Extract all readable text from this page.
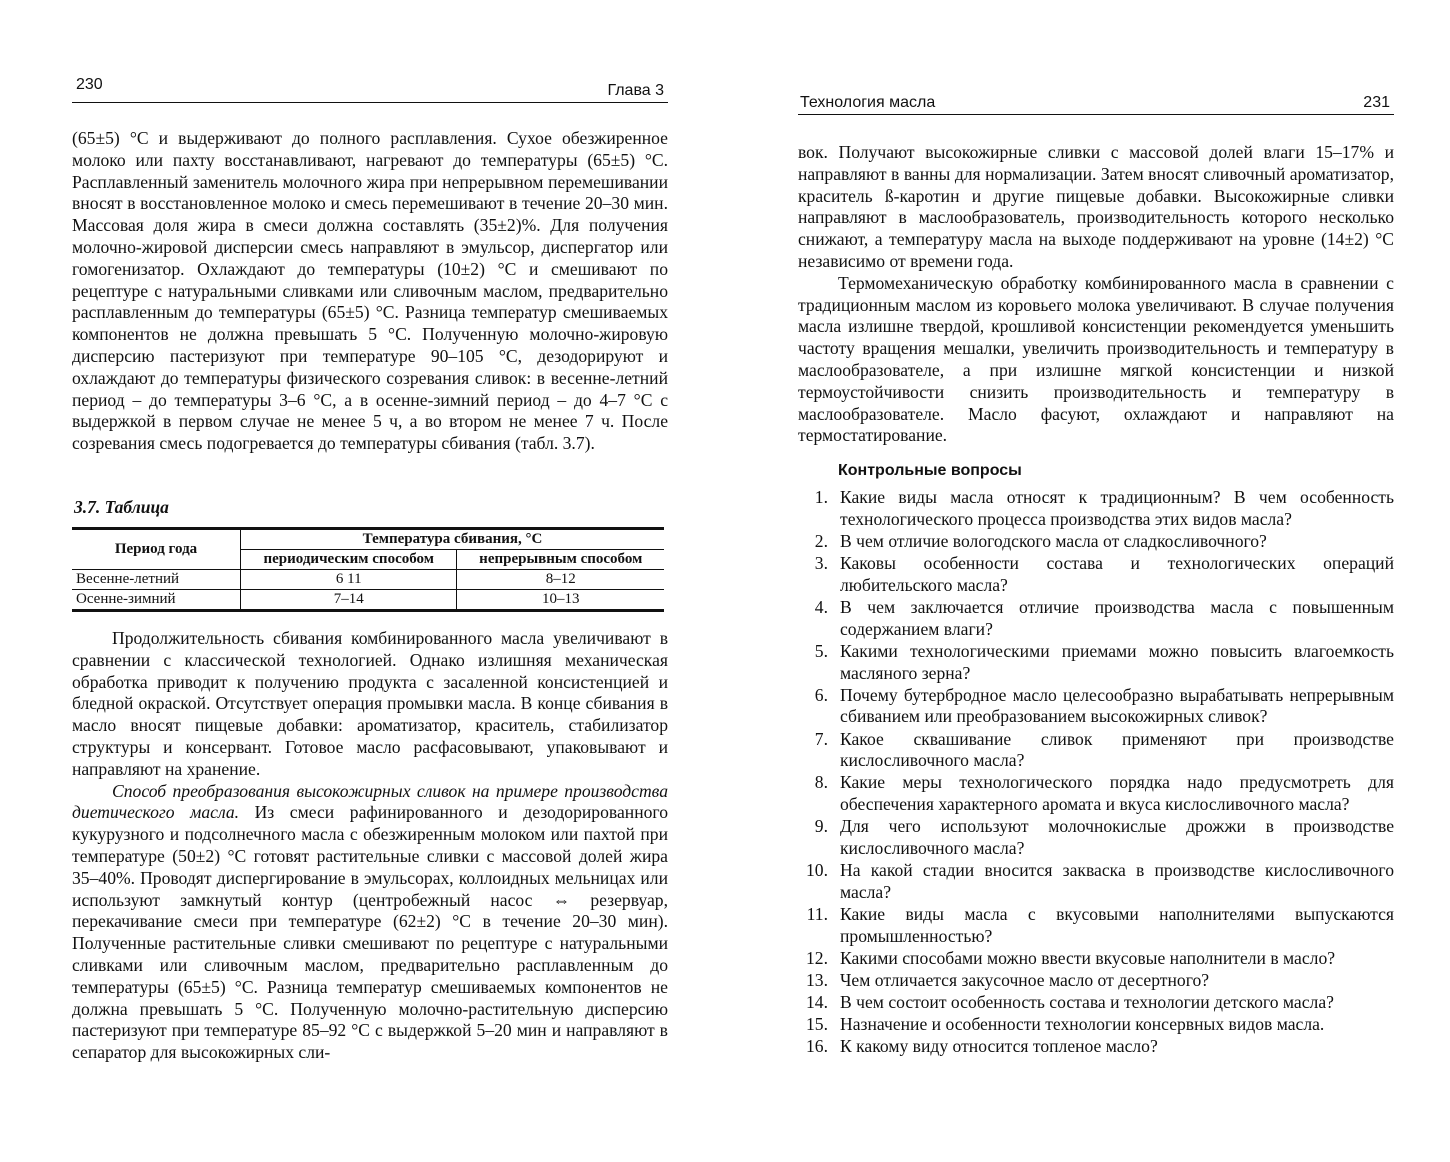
230	Глава 3

(65±5) °С и выдерживают до полного расплавления. Сухое обезжиренное молоко или пахту восстанавливают, нагревают до температуры (65±5) °С. Расплавленный заменитель молочного жира при непрерывном перемешивании вносят в восстановленное молоко и смесь перемешивают в течение 20–30 мин. Массовая доля жира в смеси должна составлять (35±2)%. Для получения молочно-жировой дисперсии смесь направляют в эмульсор, диспергатор или гомогенизатор. Охлаждают до температуры (10±2) °С и смешивают по рецептуре с натуральными сливками или сливочным маслом, предварительно расплавленным до температуры (65±5) °С. Разница температур смешиваемых компонентов не должна превышать 5 °С. Полученную молочно-жировую дисперсию пастеризуют при температуре 90–105 °С, дезодорируют и охлаждают до температуры физического созревания сливок: в весенне-летний период – до температуры 3–6 °С, а в осенне-зимний период – до 4–7 °С с выдержкой в первом случае не менее 5 ч, а во втором не менее 7 ч. После созревания смесь подогревается до температуры сбивания (табл. 3.7).

3.7. Таблица
Период года	Температура сбивания, °С	
	периодическим способом	непрерывным способом
Весенне-летний	6 11	8–12
Осенне-зимний	7–14	10–13

Продолжительность сбивания комбинированного масла увеличивают в сравнении с классической технологией. Однако излишняя механическая обработка приводит к получению продукта с засаленной консистенцией и бледной окраской. Отсутствует операция промывки масла. В конце сбивания в масло вносят пищевые добавки: ароматизатор, краситель, стабилизатор структуры и консервант. Готовое масло расфасовывают, упаковывают и направляют на хранение.

Способ преобразования высокожирных сливок на примере производства диетического масла. Из смеси рафинированного и дезодорированного кукурузного и подсолнечного масла с обезжиренным молоком или пахтой при температуре (50±2) °С готовят растительные сливки с массовой долей жира 35–40%. Проводят диспергирование в эмульсорах, коллоидных мельницах или используют замкнутый контур (центробежный насос ⇔ резервуар, перекачивание смеси при температуре (62±2) °С в течение 20–30 мин). Полученные растительные сливки смешивают по рецептуре с натуральными сливками или сливочным маслом, предварительно расплавленным до температуры (65±5) °С. Разница температур смешиваемых компонентов не должна превышать 5 °С. Полученную молочно-растительную дисперсию пастеризуют при температуре 85–92 °С с выдержкой 5–20 мин и направляют в сепаратор для высокожирных сли-

Технология масла	231

вок. Получают высокожирные сливки с массовой долей влаги 15–17% и направляют в ванны для нормализации. Затем вносят сливочный ароматизатор, краситель ß-каротин и другие пищевые добавки. Высокожирные сливки направляют в маслообразователь, производительность которого несколько снижают, а температуру масла на выходе поддерживают на уровне (14±2) °С независимо от времени года.

Термомеханическую обработку комбинированного масла в сравнении с традиционным маслом из коровьего молока увеличивают. В случае получения масла излишне твердой, крошливой консистенции рекомендуется уменьшить частоту вращения мешалки, увеличить производительность и температуру в маслообразователе, а при излишне мягкой консистенции и низкой термоустойчивости снизить производительность и температуру в маслообразователе. Масло фасуют, охлаждают и направляют на термостатирование.

Контрольные вопросы
1. Какие виды масла относят к традиционным? В чем особенность технологического процесса производства этих видов масла?
2. В чем отличие вологодского масла от сладкосливочного?
3. Каковы особенности состава и технологических операций любительского масла?
4. В чем заключается отличие производства масла с повышенным содержанием влаги?
5. Какими технологическими приемами можно повысить влагоемкость масляного зерна?
6. Почему бутербродное масло целесообразно вырабатывать непрерывным сбиванием или преобразованием высокожирных сливок?
7. Какое сквашивание сливок применяют при производстве кислосливочного масла?
8. Какие меры технологического порядка надо предусмотреть для обеспечения характерного аромата и вкуса кислосливочного масла?
9. Для чего используют молочнокислые дрожжи в производстве кислосливочного масла?
10. На какой стадии вносится закваска в производстве кислосливочного масла?
11. Какие виды масла с вкусовыми наполнителями выпускаются промышленностью?
12. Какими способами можно ввести вкусовые наполнители в масло?
13. Чем отличается закусочное масло от десертного?
14. В чем состоит особенность состава и технологии детского масла?
15. Назначение и особенности технологии консервных видов масла.
16. К какому виду относится топленое масло?
